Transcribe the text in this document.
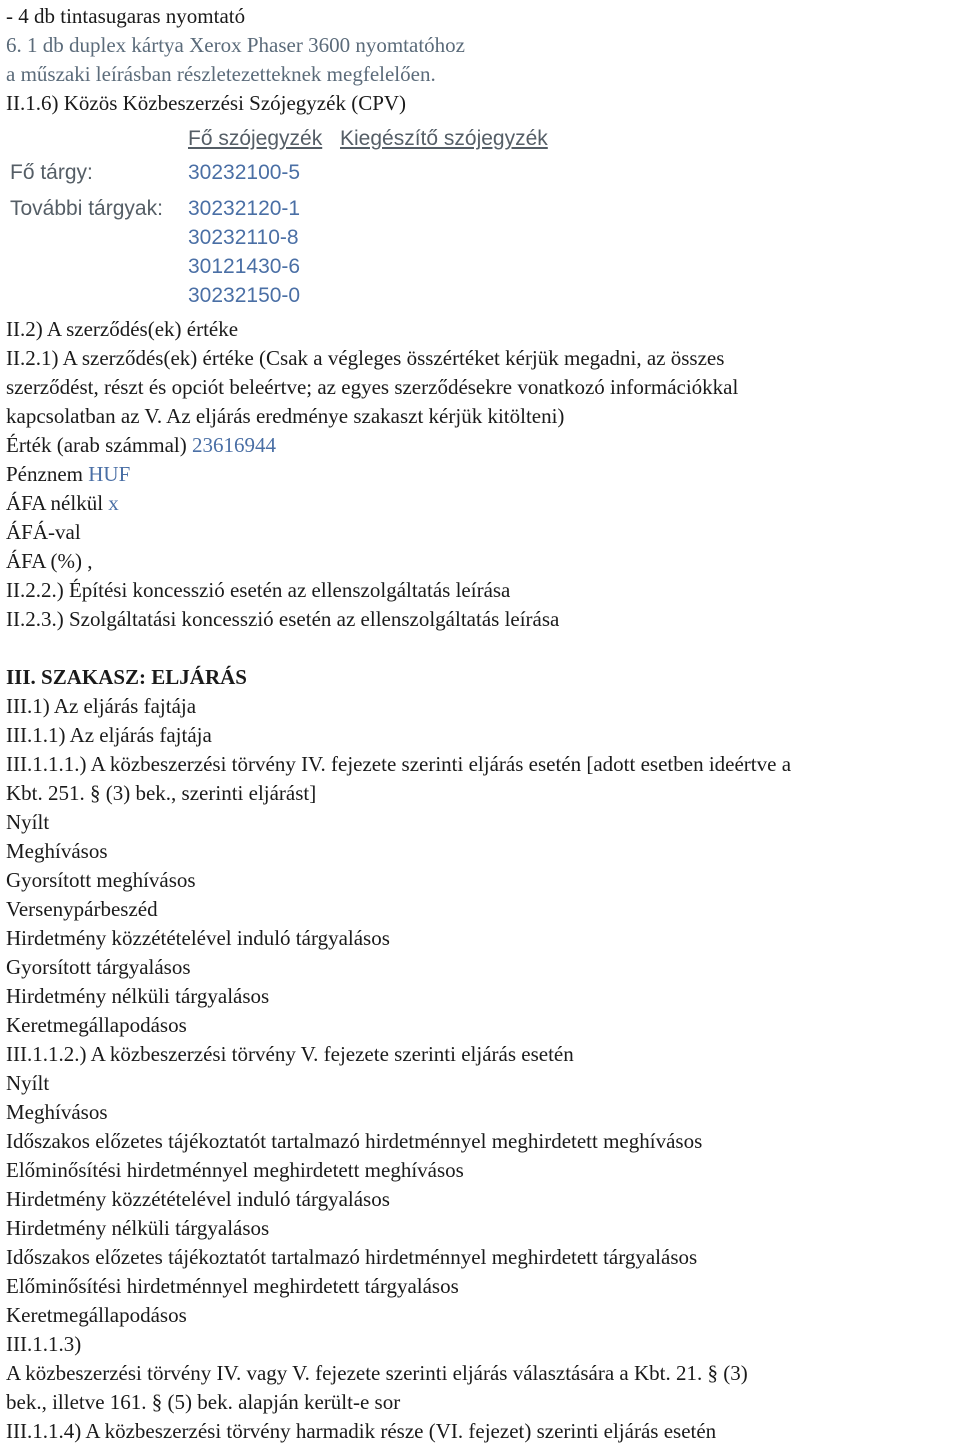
- 4 db tintasugaras nyomtató
6. 1 db duplex kártya Xerox Phaser 3600 nyomtatóhoz
a műszaki leírásban részletezetteknek megfelelően.
II.1.6) Közös Közbeszerzési Szójegyzék (CPV)
Fő szójegyzék Kiegészítő szójegyzék
Fő tárgy:	30232100-5
További tárgyak: 30232120-1
30232110-8
30121430-6
30232150-0
II.2) A szerződés(ek) értéke
II.2.1) A szerződés(ek) értéke (Csak a végleges összértéket kérjük megadni, az összes
szerződést, részt és opciót beleértve; az egyes szerződésekre vonatkozó információkkal
kapcsolatban az V. Az eljárás eredménye szakaszt kérjük kitölteni)
Érték (arab számmal) 23616944
Pénznem HUF
ÁFA nélkül x
ÁFÁ-val
ÁFA (%) ,
II.2.2.) Építési koncesszió esetén az ellenszolgáltatás leírása
II.2.3.) Szolgáltatási koncesszió esetén az ellenszolgáltatás leírása
III. SZAKASZ: ELJÁRÁS
III.1) Az eljárás fajtája
III.1.1) Az eljárás fajtája
III.1.1.1.) A közbeszerzési törvény IV. fejezete szerinti eljárás esetén [adott esetben ideértve a
Kbt. 251. § (3) bek., szerinti eljárást]
Nyílt
Meghívásos
Gyorsított meghívásos
Versenypárbeszéd
Hirdetmény közzétételével induló tárgyalásos
Gyorsított tárgyalásos
Hirdetmény nélküli tárgyalásos
Keretmegállapodásos
III.1.1.2.) A közbeszerzési törvény V. fejezete szerinti eljárás esetén
Nyílt
Meghívásos
Időszakos előzetes tájékoztatót tartalmazó hirdetménnyel meghirdetett meghívásos
Előminősítési hirdetménnyel meghirdetett meghívásos
Hirdetmény közzétételével induló tárgyalásos
Hirdetmény nélküli tárgyalásos
Időszakos előzetes tájékoztatót tartalmazó hirdetménnyel meghirdetett tárgyalásos
Előminősítési hirdetménnyel meghirdetett tárgyalásos
Keretmegállapodásos
III.1.1.3)
A közbeszerzési törvény IV. vagy V. fejezete szerinti eljárás választására a Kbt. 21. § (3)
bek., illetve 161. § (5) bek. alapján került-e sor
III.1.1.4) A közbeszerzési törvény harmadik része (VI. fejezet) szerinti eljárás esetén
